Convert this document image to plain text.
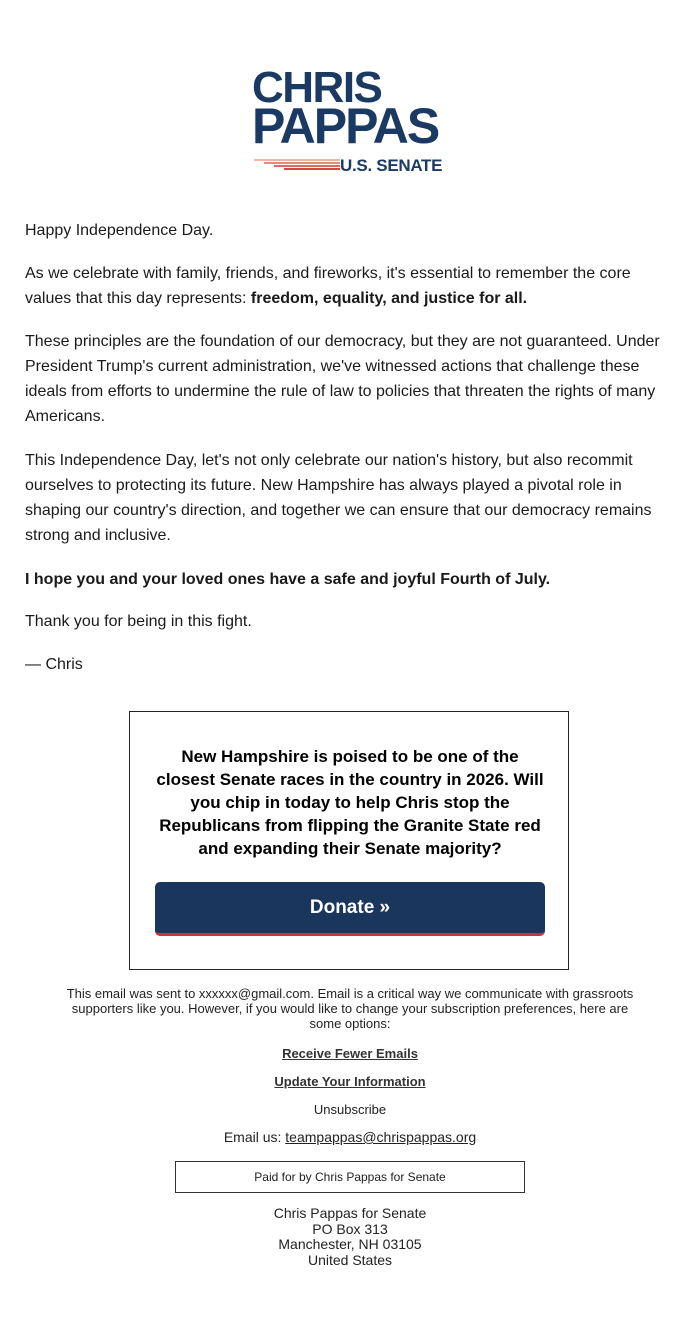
CHRIS
PAPPAS
U.S. SENATE

Happy Independence Day.

As we celebrate with family, friends, and fireworks, it's essential to remember the core values that this day represents: freedom, equality, and justice for all.

These principles are the foundation of our democracy, but they are not guaranteed. Under President Trump's current administration, we've witnessed actions that challenge these ideals from efforts to undermine the rule of law to policies that threaten the rights of many Americans.

This Independence Day, let's not only celebrate our nation's history, but also recommit ourselves to protecting its future. New Hampshire has always played a pivotal role in shaping our country's direction, and together we can ensure that our democracy remains strong and inclusive.

I hope you and your loved ones have a safe and joyful Fourth of July.

Thank you for being in this fight.

— Chris

New Hampshire is poised to be one of the closest Senate races in the country in 2026. Will you chip in today to help Chris stop the Republicans from flipping the Granite State red and expanding their Senate majority?

Donate »

This email was sent to xxxxxx@gmail.com. Email is a critical way we communicate with grassroots supporters like you. However, if you would like to change your subscription preferences, here are some options:

Receive Fewer Emails

Update Your Information

Unsubscribe

Email us: teampappas@chrispappas.org

Paid for by Chris Pappas for Senate
Chris Pappas for Senate
PO Box 313
Manchester, NH 03105
United States
